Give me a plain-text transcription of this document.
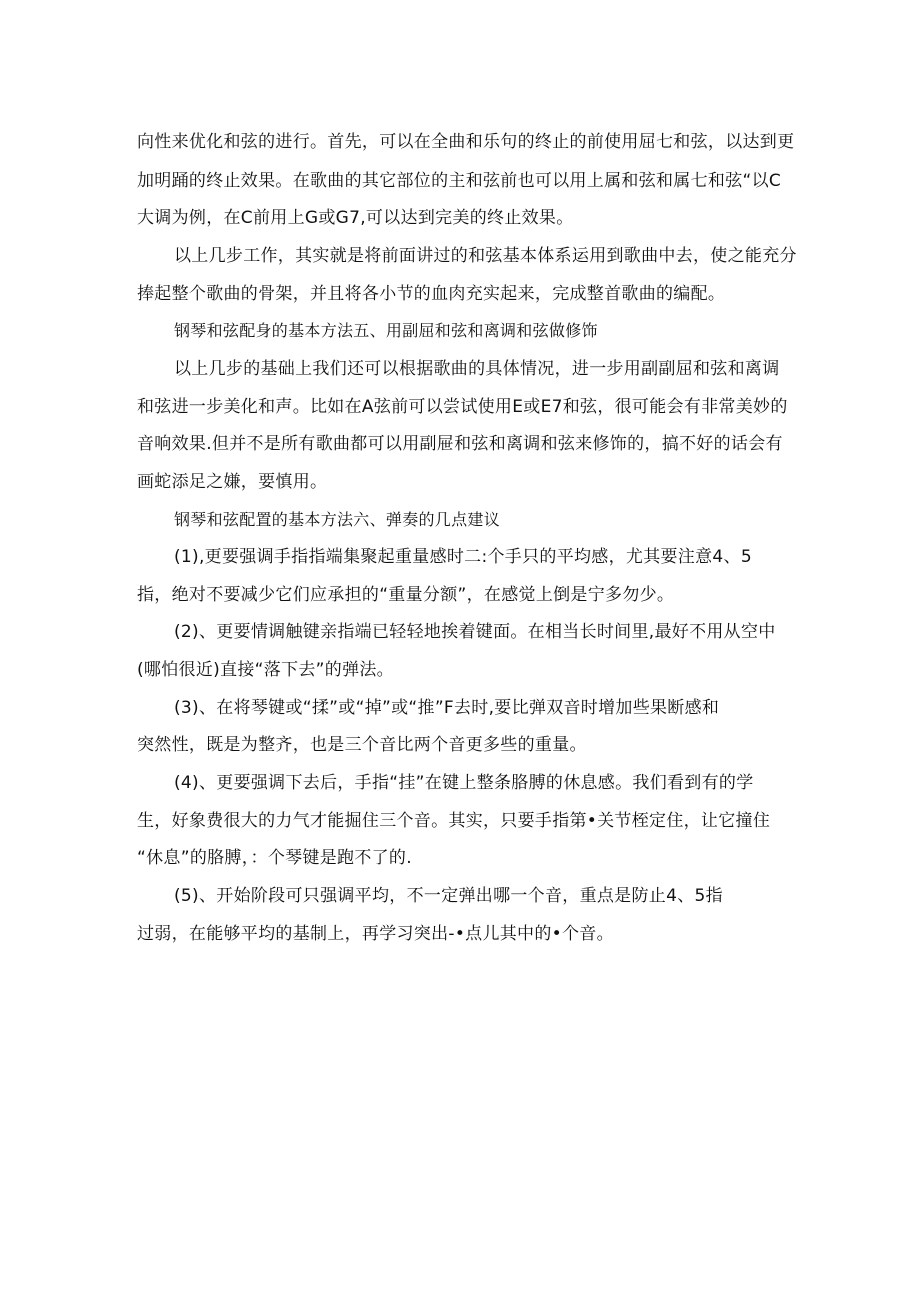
向性来优化和弦的进行。首先，可以在全曲和乐句的终止的前使用屈七和弦，以达到更
加明踊的终止效果。在歌曲的其它部位的主和弦前也可以用上属和弦和属七和弦“以C
大调为例，在C前用上G或G7,可以达到完美的终止效果。
以上几步工作，其实就是将前面讲过的和弦基本体系运用到歌曲中去，使之能充分
捧起整个歌曲的骨架，并且将各小节的血肉充实起来，完成整首歌曲的编配。
钢琴和弦配身的基本方法五、用副屈和弦和离调和弦做修饰
以上几步的基础上我们还可以根据歌曲的具体情况，进一步用副副屈和弦和离调
和弦进一步美化和声。比如在A弦前可以尝试使用E或E7和弦，很可能会有非常美妙的
音响效果.但并不是所有歌曲都可以用副屉和弦和离调和弦来修饰的，搞不好的话会有
画蛇添足之嫌，要慎用。
钢琴和弦配置的基本方法六、弹奏的几点建议
(1),更要强调手指指端集聚起重量感时二:个手只的平均感，尤其要注意4、5
指，绝对不要减少它们应承担的“重量分额”，在感觉上倒是宁多勿少。
(2)、更要情调触键亲指端已轻轻地挨着键面。在相当长时间里,最好不用从空中
(哪怕很近)直接“落下去”的弹法。
(3)、在将琴键或“揉”或“掉”或“推”F去时,要比弹双音时增加些果断感和
突然性，既是为整齐，也是三个音比两个音更多些的重量。
(4)、更要强调下去后，手指“挂”在键上整条胳膊的休息感。我们看到有的学
生，好象费很大的力气才能掘住三个音。其实，只要手指第•关节桎定住，让它撞住
“休息”的胳膊，：个琴键是跑不了的.
(5)、开始阶段可只强调平均，不一定弹出哪一个音，重点是防止4、5指
过弱，在能够平均的基制上，再学习突出-•点儿其中的•个音。
